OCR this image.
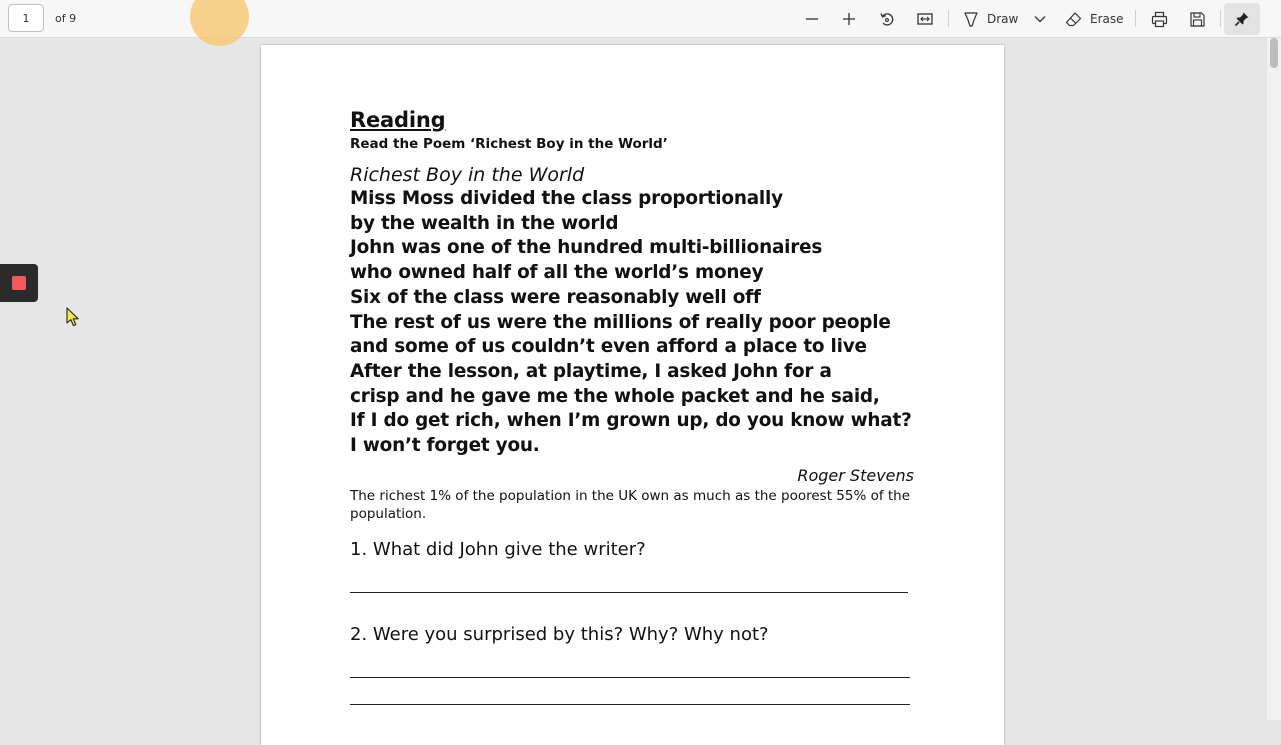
1
of 9	Draw	Erase
Reading
Read the Poem ‘Richest Boy in the World’
Richest Boy in the World
Miss Moss divided the class proportionally
by the wealth in the world
John was one of the hundred multi-billionaires
who owned half of all the world’s money
Six of the class were reasonably well off
The rest of us were the millions of really poor people
and some of us couldn’t even afford a place to live
After the lesson, at playtime, I asked John for a
crisp and he gave me the whole packet and he said,
If I do get rich, when I’m grown up, do you know what?
I won’t forget you.
Roger Stevens
The richest 1% of the population in the UK own as much as the poorest 55% of the population.
1. What did John give the writer?
2. Were you surprised by this? Why? Why not?
